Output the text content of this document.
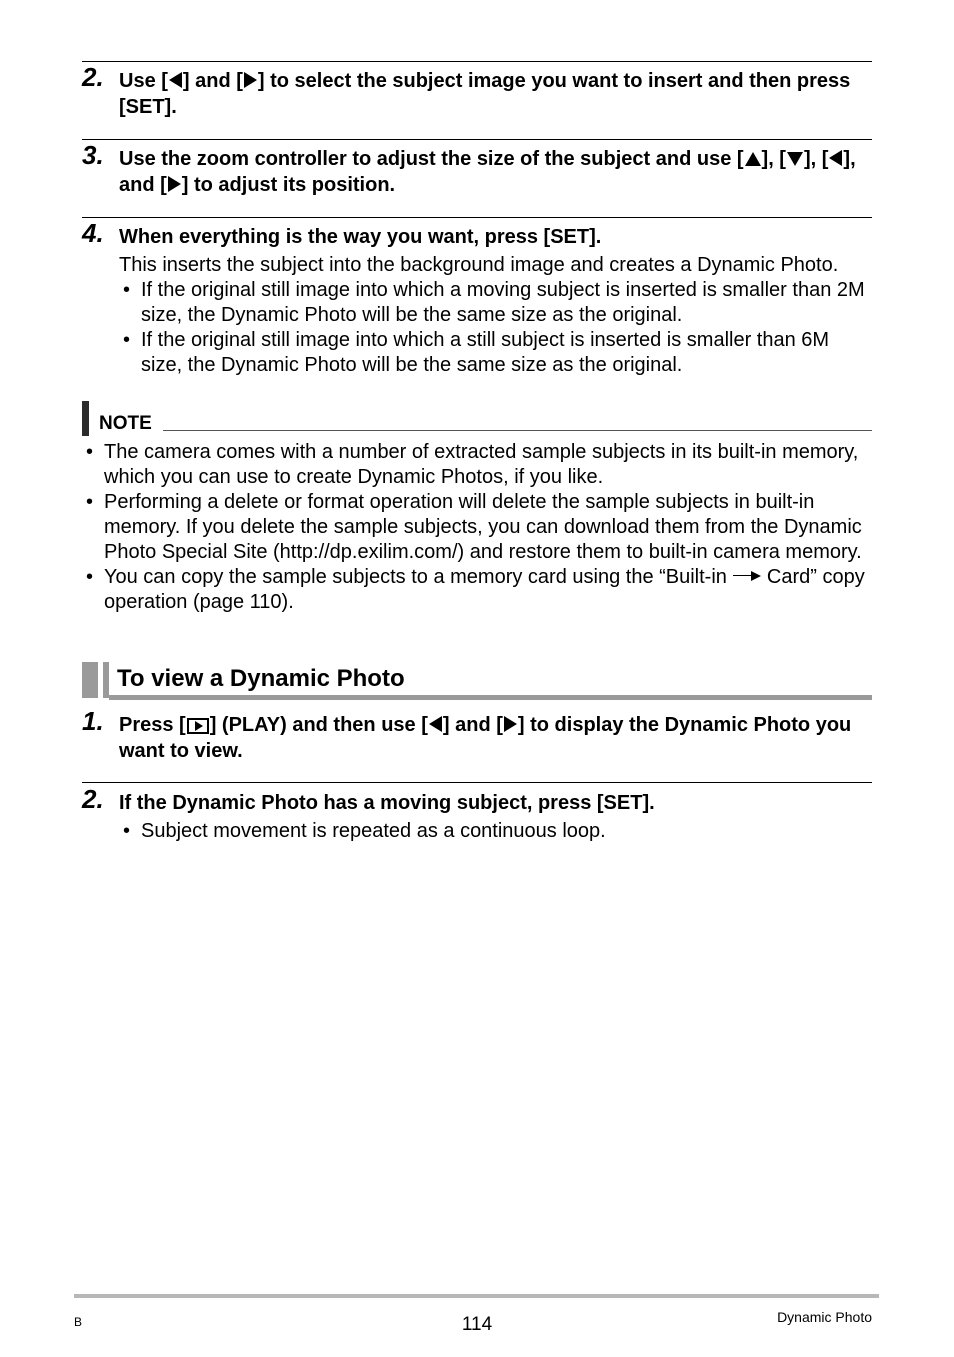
2. Use [ ] and [ ] to select the subject image you want to insert and then press [SET].
3. Use the zoom controller to adjust the size of the subject and use [ ], [ ], [ ], and [ ] to adjust its position.
4. When everything is the way you want, press [SET].
This inserts the subject into the background image and creates a Dynamic Photo.
• If the original still image into which a moving subject is inserted is smaller than 2M size, the Dynamic Photo will be the same size as the original.
• If the original still image into which a still subject is inserted is smaller than 6M size, the Dynamic Photo will be the same size as the original.
NOTE
• The camera comes with a number of extracted sample subjects in its built-in memory, which you can use to create Dynamic Photos, if you like.
• Performing a delete or format operation will delete the sample subjects in built-in memory. If you delete the sample subjects, you can download them from the Dynamic Photo Special Site (http://dp.exilim.com/) and restore them to built-in camera memory.
• You can copy the sample subjects to a memory card using the “Built-in Card” copy operation (page 110).
To view a Dynamic Photo
1. Press [ ] (PLAY) and then use [ ] and [ ] to display the Dynamic Photo you want to view.
2. If the Dynamic Photo has a moving subject, press [SET].
• Subject movement is repeated as a continuous loop.
B	114	Dynamic Photo
